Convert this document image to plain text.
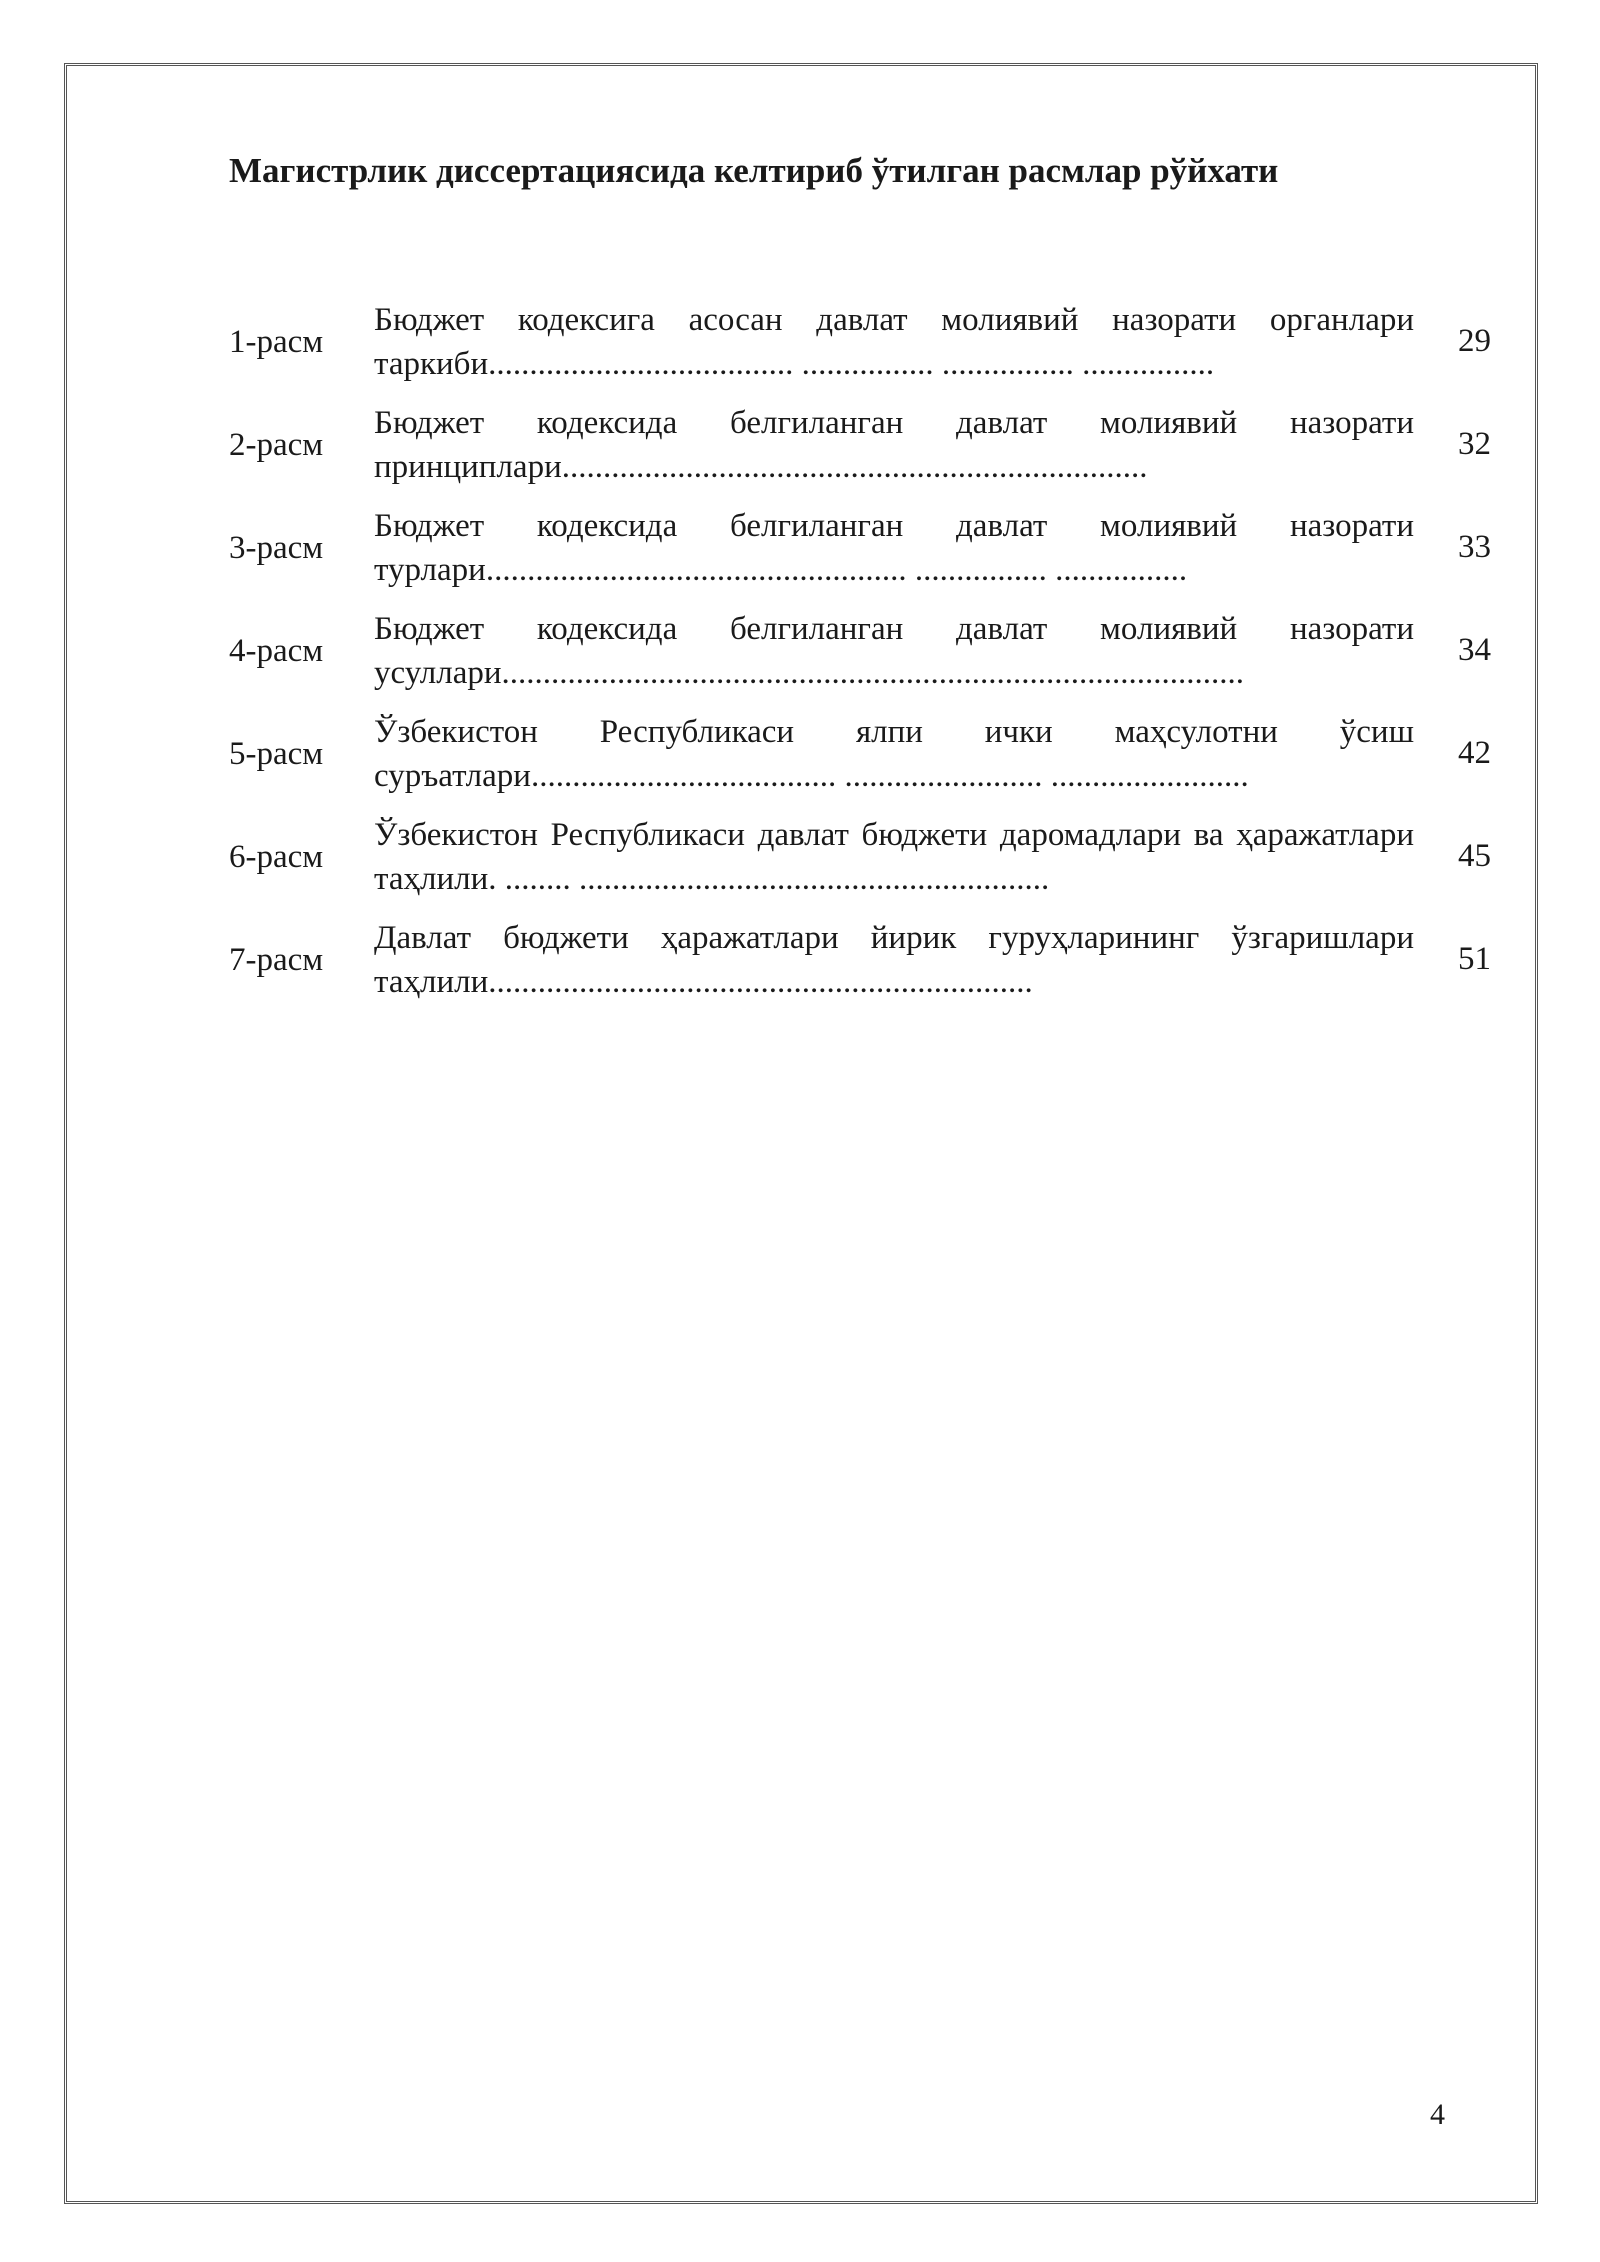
Магистрлик диссертациясида келтириб ўтилган расмлар рўйхати
1-расм
Бюджет кодексига асосан давлат молиявий назорати органлари таркиби..................................... ................ ................ ................
29
2-расм
Бюджет кодексида белгиланган давлат молиявий назорати принциплари.......................................................................
32
3-расм
Бюджет кодексида белгиланган давлат молиявий назорати турлари................................................... ................ ................
33
4-расм
Бюджет кодексида белгиланган давлат молиявий назорати усуллари..........................................................................................
34
5-расм
Ўзбекистон Республикаси ялпи ички маҳсулотни ўсиш суръатлари..................................... ........................ ........................
42
6-расм
Ўзбекистон Республикаси давлат бюджети даромадлари ва ҳаражатлари таҳлили. ........ .........................................................
45
7-расм
Давлат бюджети ҳаражатлари йирик гуруҳларининг ўзгаришлари таҳлили..................................................................
51
4
